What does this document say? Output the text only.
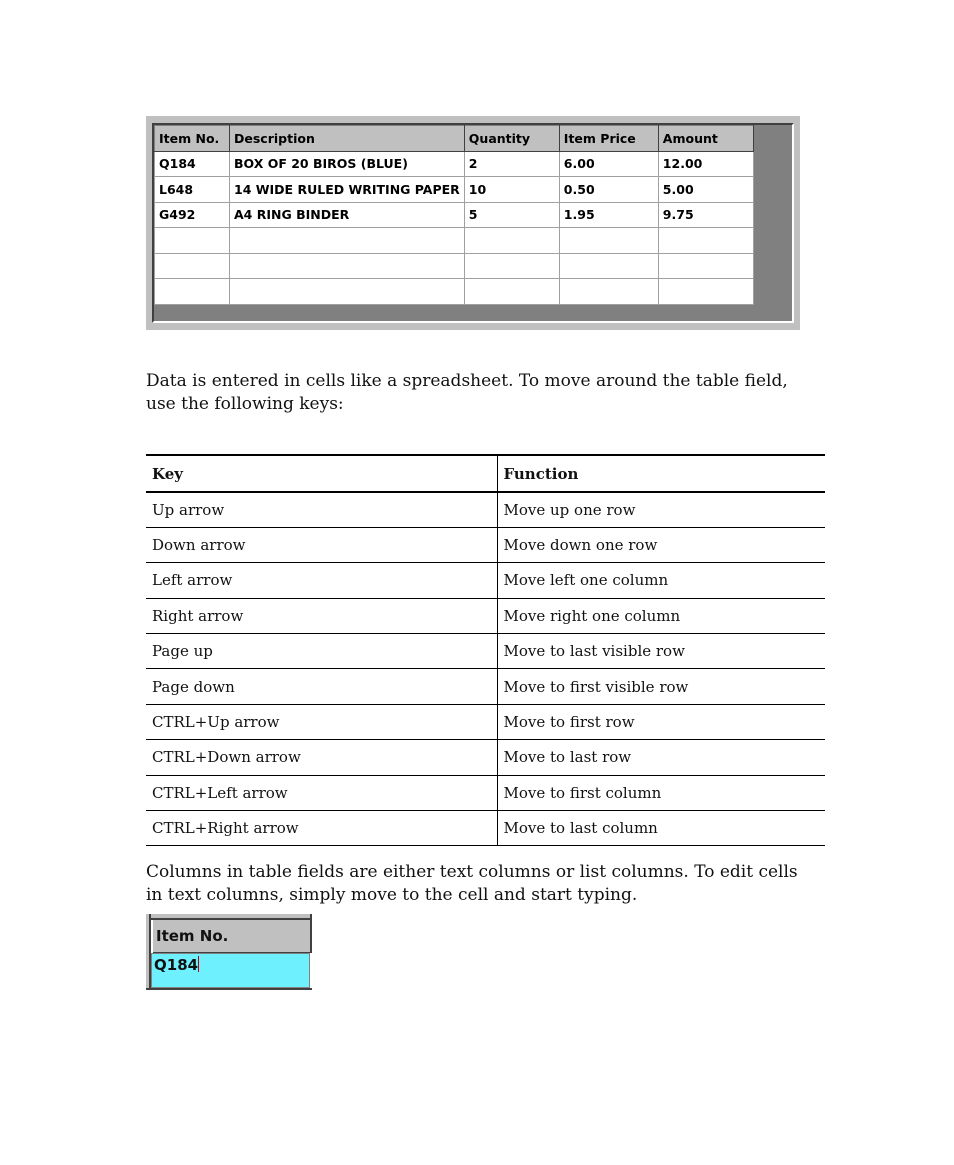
Item No.	Description	Quantity	Item Price	Amount
Q184	BOX OF 20 BIROS (BLUE)	2	6.00	12.00
L648	14 WIDE RULED WRITING PAPER	10	0.50	5.00
G492	A4 RING BINDER	5	1.95	9.75

Data is entered in cells like a spreadsheet. To move around the table field, use the following keys:

Key	Function
Up arrow	Move up one row
Down arrow	Move down one row
Left arrow	Move left one column
Right arrow	Move right one column
Page up	Move to last visible row
Page down	Move to first visible row
CTRL+Up arrow	Move to first row
CTRL+Down arrow	Move to last row
CTRL+Left arrow	Move to first column
CTRL+Right arrow	Move to last column

Columns in table fields are either text columns or list columns. To edit cells in text columns, simply move to the cell and start typing.

Item No.
Q184
